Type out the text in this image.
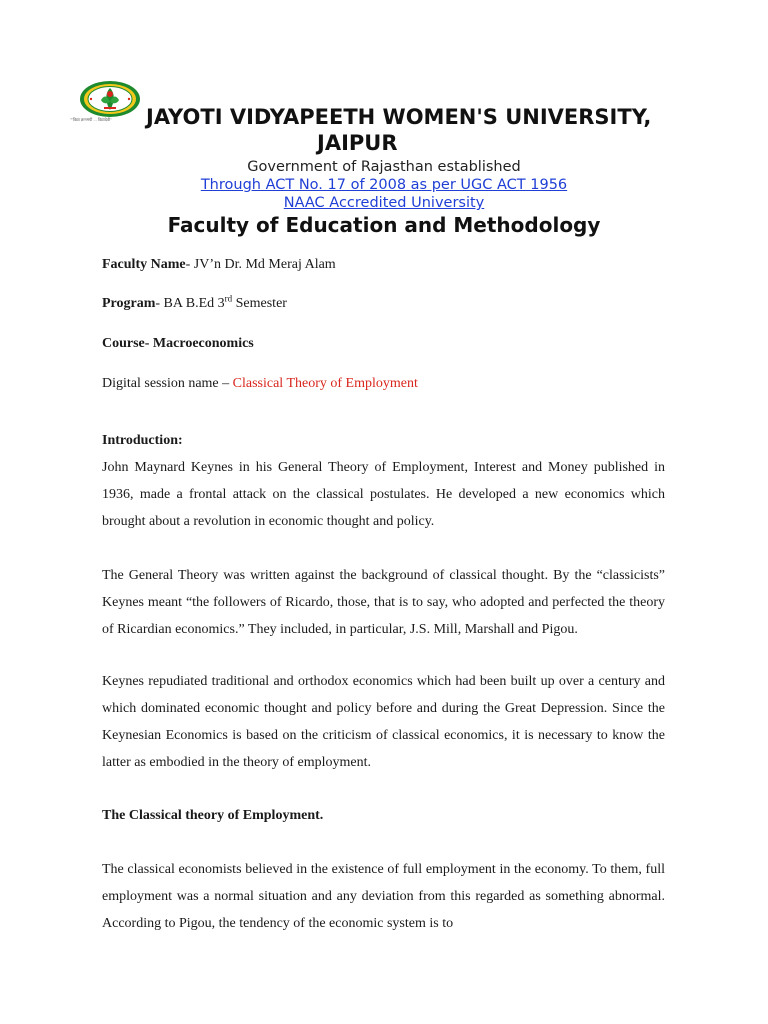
""विद्या ज्ञानमयी ... विद्यादेवी"	JAYOTI VIDYAPEETH WOMEN'S UNIVERSITY,
JAIPUR

Government of Rajasthan established

Through ACT No. 17 of 2008 as per UGC ACT 1956

NAAC Accredited University

Faculty of Education and Methodology

Faculty Name- JV’n Dr. Md Meraj Alam

Program- BA B.Ed 3rd Semester

Course- Macroeconomics

Digital session name – Classical Theory of Employment

Introduction:

John Maynard Keynes in his General Theory of Employment, Interest and Money published in 1936, made a frontal attack on the classical postulates. He developed a new economics which brought about a revolution in economic thought and policy.

The General Theory was written against the background of classical thought. By the “classicists” Keynes meant “the followers of Ricardo, those, that is to say, who adopted and perfected the theory of Ricardian economics.” They included, in particular, J.S. Mill, Marshall and Pigou.

Keynes repudiated traditional and orthodox economics which had been built up over a century and which dominated economic thought and policy before and during the Great Depression. Since the Keynesian Economics is based on the criticism of classical economics, it is necessary to know the latter as embodied in the theory of employment.

The Classical theory of Employment.

The classical economists believed in the existence of full employment in the economy. To them, full employment was a normal situation and any deviation from this regarded as something abnormal. According to Pigou, the tendency of the economic system is to
